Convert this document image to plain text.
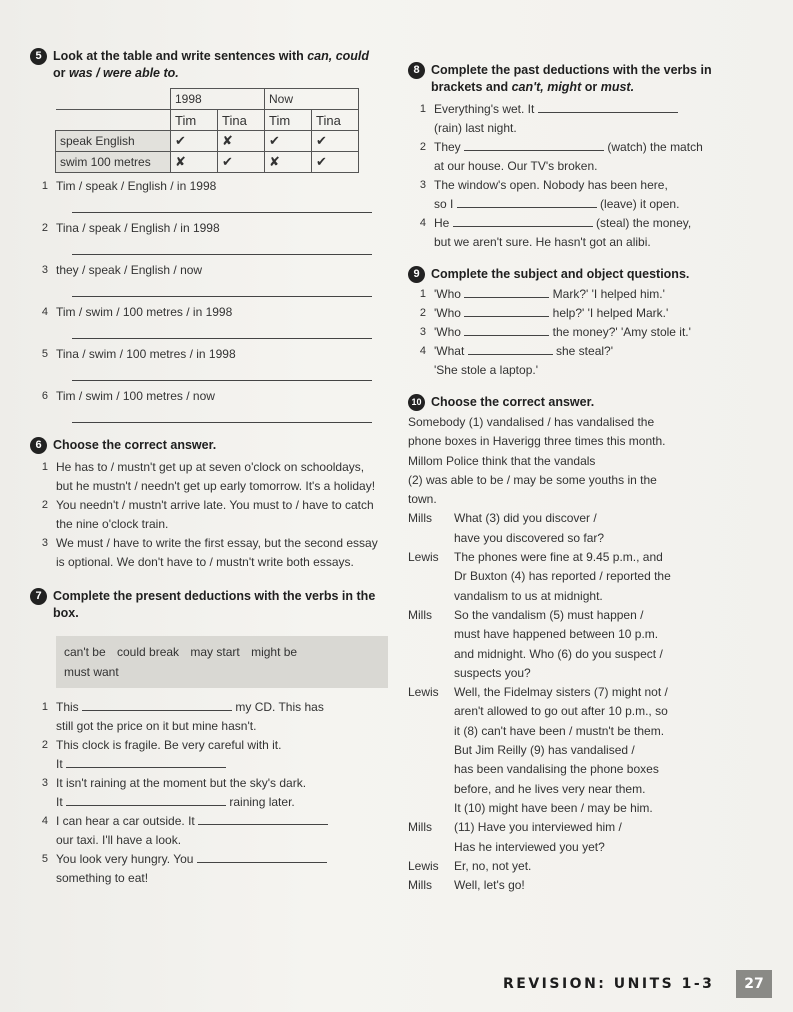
5 Look at the table and write sentences with can, could or was / were able to.
	1998		Now	
	Tim	Tina	Tim	Tina
speak English	✔	✘	✔	✔
swim 100 metres	✘	✔	✘	✔
1 Tim / speak / English / in 1998
2 Tina / speak / English / in 1998
3 they / speak / English / now
4 Tim / swim / 100 metres / in 1998
5 Tina / swim / 100 metres / in 1998
6 Tim / swim / 100 metres / now
6 Choose the correct answer.
1 He has to / mustn't get up at seven o'clock on schooldays, but he mustn't / needn't get up early tomorrow. It's a holiday!
2 You needn't / mustn't arrive late. You must to / have to catch the nine o'clock train.
3 We must / have to write the first essay, but the second essay is optional. We don't have to / mustn't write both essays.
7 Complete the present deductions with the verbs in the box.
can't be could break may start might be
must want
1 This	my CD. This has
still got the price on it but mine hasn't.
2 This clock is fragile. Be very careful with it.
It
3 It isn't raining at the moment but the sky's dark.
It	raining later.
4 I can hear a car outside. It
our taxi. I'll have a look.
5 You look very hungry. You
something to eat!
8 Complete the past deductions with the verbs in brackets and can't, might or must.
1 Everything's wet. It
(rain) last night.
2 They	(watch) the match
at our house. Our TV's broken.
3 The window's open. Nobody has been here,
so I	(leave) it open.
4 He	(steal) the money,
but we aren't sure. He hasn't got an alibi.
9 Complete the subject and object questions.
1 'Who	Mark?' 'I helped him.'
2 'Who	help?' 'I helped Mark.'
3 'Who	the money?' 'Amy stole it.'
4 'What	she steal?'
'She stole a laptop.'
10 Choose the correct answer.
Somebody (1) vandalised / has vandalised the
phone boxes in Haverigg three times this month.
Millom Police think that the vandals
(2) was able to be / may be some youths in the
town.
Mills	What (3) did you discover /
have you discovered so far?
Lewis	The phones were fine at 9.45 p.m., and
Dr Buxton (4) has reported / reported the
vandalism to us at midnight.
Mills	So the vandalism (5) must happen /
must have happened between 10 p.m.
and midnight. Who (6) do you suspect /
suspects you?
Lewis	Well, the Fidelmay sisters (7) might not /
aren't allowed to go out after 10 p.m., so
it (8) can't have been / mustn't be them.
But Jim Reilly (9) has vandalised /
has been vandalising the phone boxes
before, and he lives very near them.
It (10) might have been / may be him.
Mills	(11) Have you interviewed him /
Has he interviewed you yet?
Lewis	Er, no, not yet.
Mills	Well, let's go!
REVISION: UNITS 1-3	27
